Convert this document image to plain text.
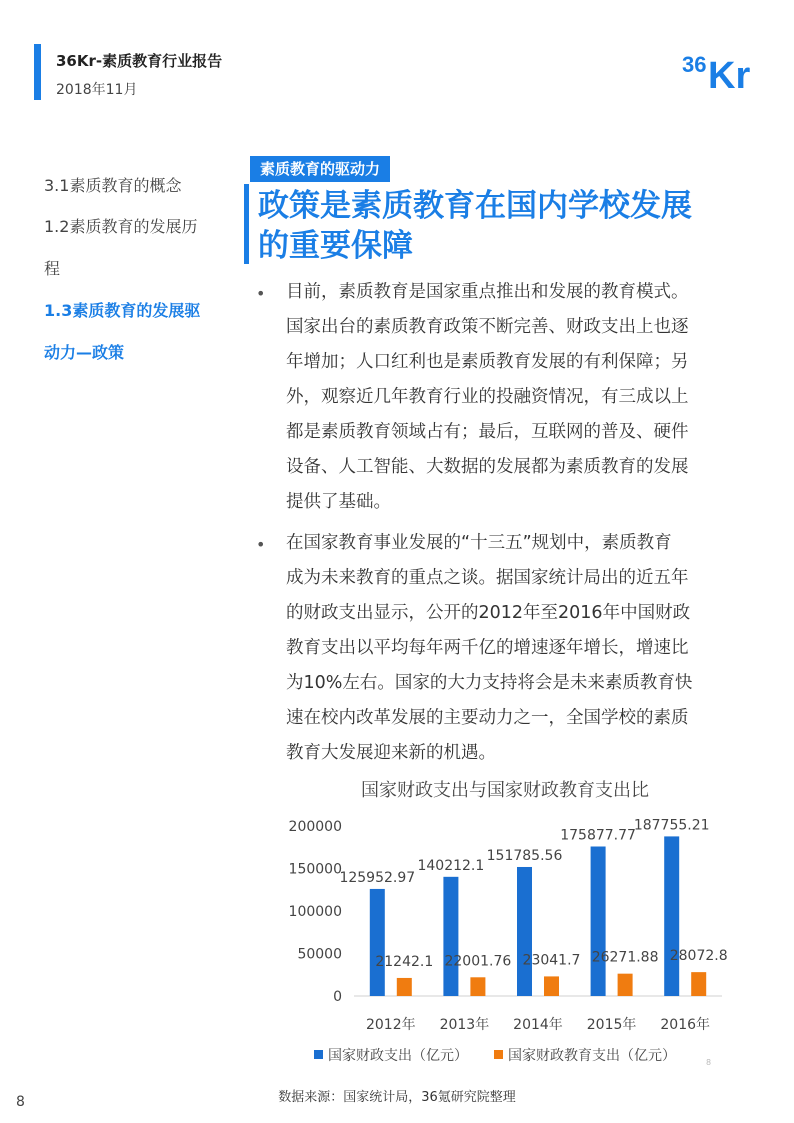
36Kr-素质教育行业报告
2018年11月
36 Kr
3.1素质教育的概念
1.2素质教育的发展历
程
1.3素质教育的发展驱
动力—政策
素质教育的驱动力
政策是素质教育在国内学校发展
的重要保障
• 目前，素质教育是国家重点推出和发展的教育模式。
国家出台的素质教育政策不断完善、财政支出上也逐
年增加；人口红利也是素质教育发展的有利保障；另
外，观察近几年教育行业的投融资情况，有三成以上
都是素质教育领域占有；最后，互联网的普及、硬件
设备、人工智能、大数据的发展都为素质教育的发展
提供了基础。
• 在国家教育事业发展的“十三五”规划中，素质教育
成为未来教育的重点之谈。据国家统计局出的近五年
的财政支出显示，公开的2012年至2016年中国财政
教育支出以平均每年两千亿的增速逐年增长，增速比
为10%左右。国家的大力支持将会是未来素质教育快
速在校内改革发展的主要动力之一，全国学校的素质
教育大发展迎来新的机遇。
国家财政支出与国家财政教育支出比
0
50000
100000
150000
200000
2012年
125952.97
21242.1
2013年
140212.1
22001.76
2014年
151785.56
23041.7
2015年
175877.77
26271.88
2016年
187755.21
28072.8
国家财政支出（亿元）	国家财政教育支出（亿元）	8
数据来源：国家统计局，36氪研究院整理
8
